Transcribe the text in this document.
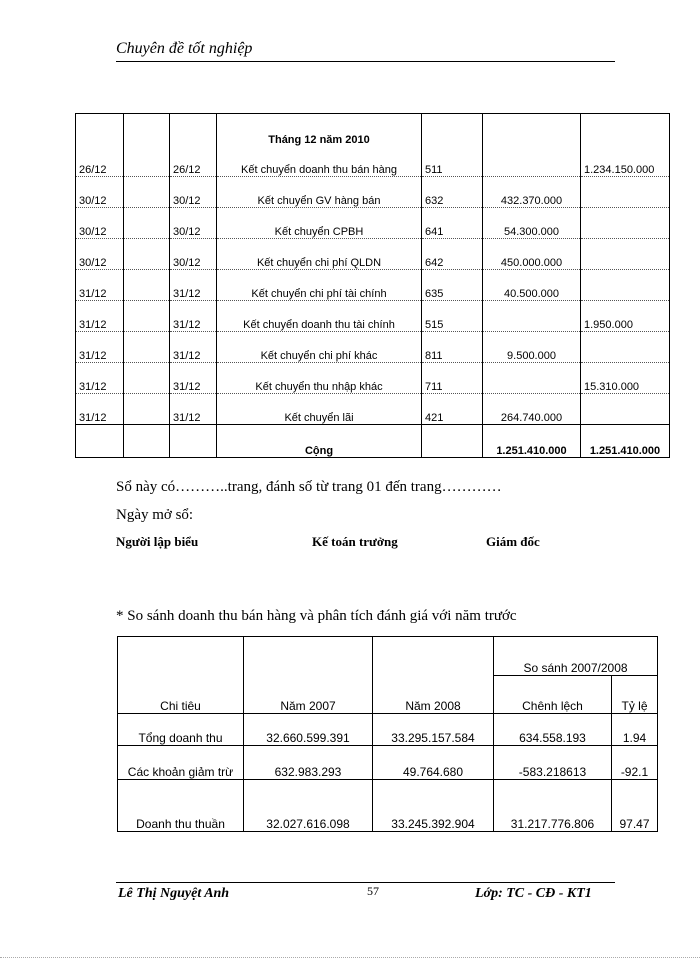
Chuyên đề tốt nghiệp
			Tháng 12 năm 2010			
26/12		26/12	Kết chuyển doanh thu bán hàng	511		1.234.150.000
30/12		30/12	Kết chuyển GV hàng bán	632	432.370.000	
30/12		30/12	Kết chuyển CPBH	641	54.300.000	
30/12		30/12	Kết chuyển chi phí QLDN	642	450.000.000	
31/12		31/12	Kết chuyển chi phí tài chính	635	40.500.000	
31/12		31/12	Kết chuyển doanh thu tài chính	515		1.950.000
31/12		31/12	Kết chuyển chi phí khác	811	9.500.000	
31/12		31/12	Kết chuyển thu nhập khác	711		15.310.000
31/12		31/12	Kết chuyển lãi	421	264.740.000	
			Cộng		1.251.410.000	1.251.410.000
Sổ này có………..trang, đánh số từ trang 01 đến trang…………
Ngày mở sổ:
Người lập biểu	Kế toán trưởng	Giám đốc
* So sánh doanh thu bán hàng và phân tích đánh giá với năm trước
Chi tiêu	Năm 2007	Năm 2008	So sánh 2007/2008	
			Chênh lệch	Tỷ lệ
Tổng doanh thu	32.660.599.391	33.295.157.584	634.558.193	1.94
Các khoản giảm trừ	632.983.293	49.764.680	-583.218613	-92.1
Doanh thu thuần	32.027.616.098	33.245.392.904	31.217.776.806	97.47
Lê Thị Nguyệt Anh	57	Lớp: TC - CĐ - KT1
